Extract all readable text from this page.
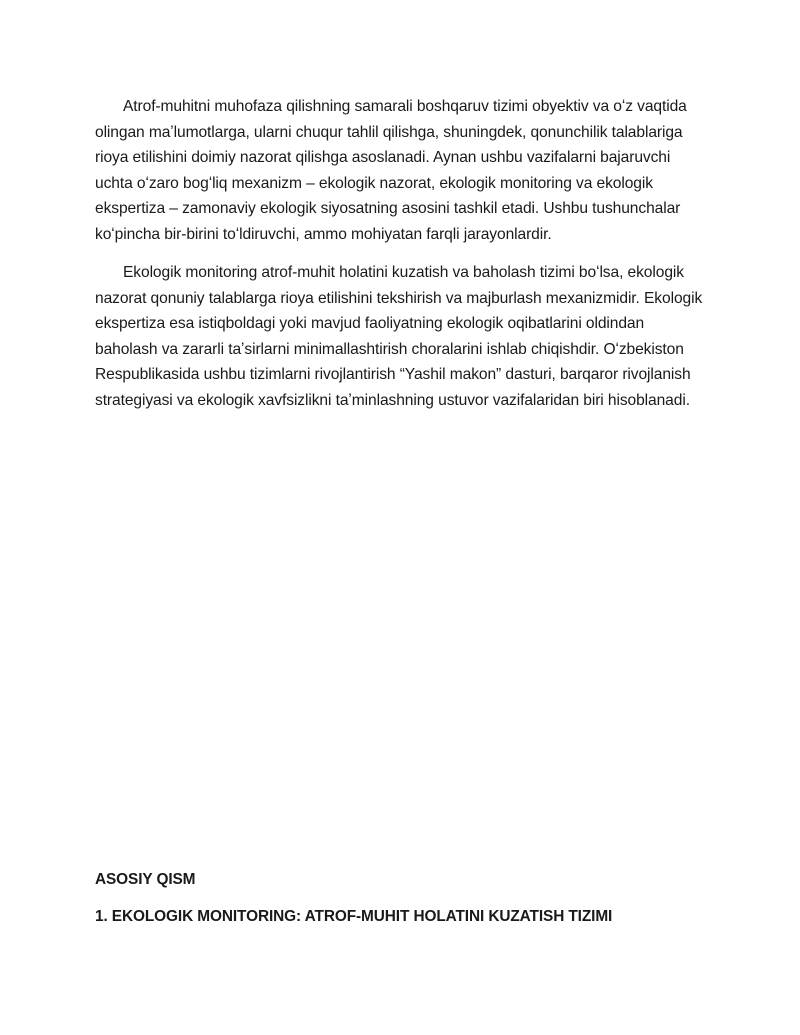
Atrof-muhitni muhofaza qilishning samarali boshqaruv tizimi obyektiv va oʻz vaqtida olingan maʼlumotlarga, ularni chuqur tahlil qilishga, shuningdek, qonunchilik talablariga rioya etilishini doimiy nazorat qilishga asoslanadi. Aynan ushbu vazifalarni bajaruvchi uchta oʻzaro bogʻliq mexanizm – ekologik nazorat, ekologik monitoring va ekologik ekspertiza – zamonaviy ekologik siyosatning asosini tashkil etadi. Ushbu tushunchalar koʻpincha bir-birini toʻldiruvchi, ammo mohiyatan farqli jarayonlardir.

Ekologik monitoring atrof-muhit holatini kuzatish va baholash tizimi boʻlsa, ekologik nazorat qonuniy talablarga rioya etilishini tekshirish va majburlash mexanizmidir. Ekologik ekspertiza esa istiqboldagi yoki mavjud faoliyatning ekologik oqibatlarini oldindan baholash va zararli taʼsirlarni minimallashtirish choralarini ishlab chiqishdir. Oʻzbekiston Respublikasida ushbu tizimlarni rivojlantirish “Yashil makon” dasturi, barqaror rivojlanish strategiyasi va ekologik xavfsizlikni taʼminlashning ustuvor vazifalaridan biri hisoblanadi.

ASOSIY QISM
1. EKOLOGIK MONITORING: ATROF-MUHIT HOLATINI KUZATISH TIZIMI
